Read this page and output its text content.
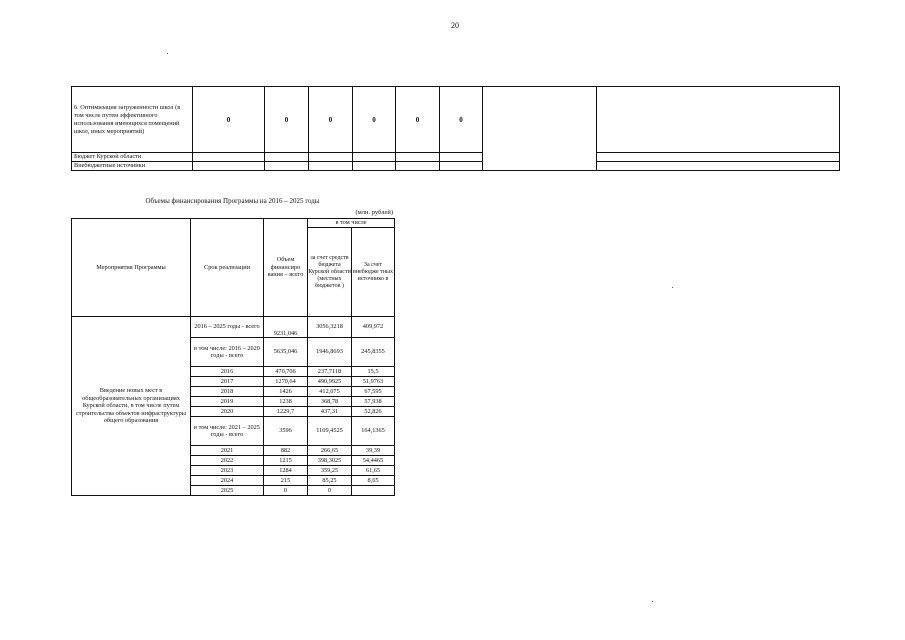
20
6. Оптимизация загруженности школ (в том числе путем эффективного использования имеющихся помещений школ, иных мероприятий)	0	0	0	0	0	0		
Бюджет Курской области								
Внебюджетные источники								
Объемы финансирования Программы на 2016 – 2025 годы
(млн. рублей)
Мероприятия Программы	Срок реализации	Объем финансиро вания – всего	в том числе	
			за счет средств бюджета Курской области (местных бюджетов )	За счет внебюдже тных источнико в
Введение новых мест в общеобразовательных организациях Курской области, в том числе путем строительства объектов инфраструктуры общего образования	2016 – 2025 годы - всего	9231,046	3056,3218	409,972
	в том числе: 2016 – 2020 годы - всего	5635,046	1946,8693	245,8355
	2016	470,706	237,7118	15,5
	2017	1270,64	490,9925	51,9763
	2018	1426	412,075	67,595
	2019	1238	368,78	57,938
	2020	1229,7	437,31	52,826
	в том числе: 2021 – 2025 годы - всего	3596	1109,4525	164,1365
	2021	882	266,65	39,39
	2022	1215	398,3025	54,4465
	2023	1284	359,25	61,65
	2024	215	85,25	8,65
	2025	0	0	
